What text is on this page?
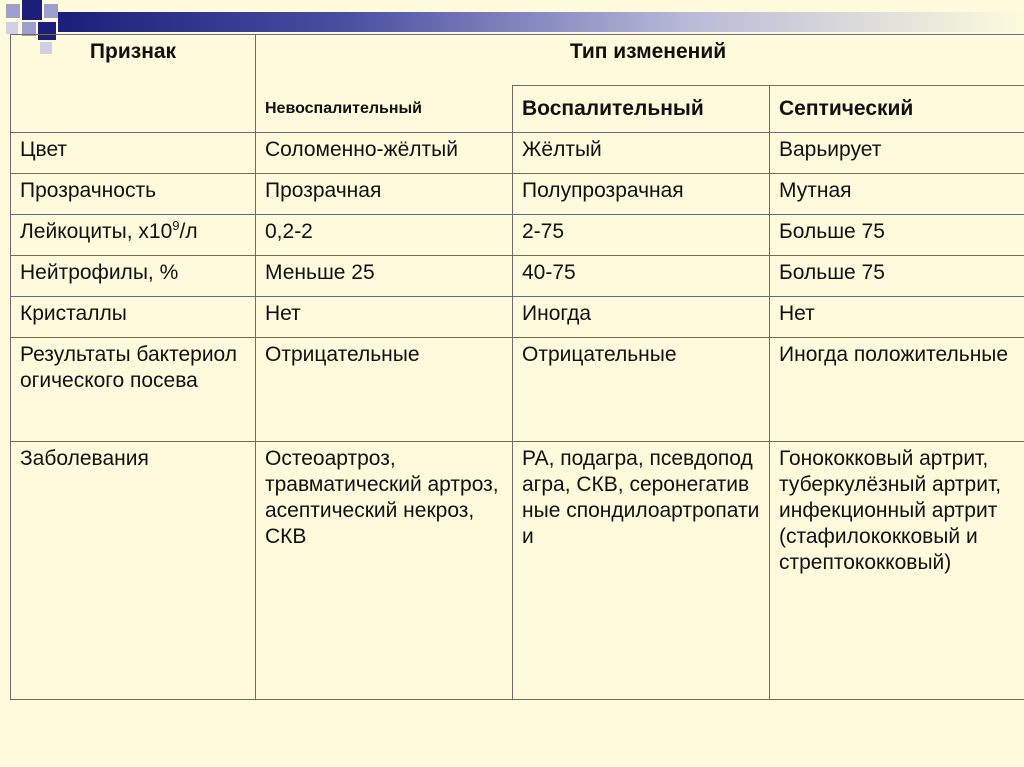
Признак	Тип изменений		
	Невоспалительный	Воспалительный	Септический
Цвет	Соломенно-жёлтый	Жёлтый	Варьирует
Прозрачность	Прозрачная	Полупрозрачная	Мутная
Лейкоциты, $х10^9/л$	0,2-2	2-75	Больше 75
Нейтрофилы, %	Меньше 25	40-75	Больше 75
Кристаллы	Нет	Иногда	Нет
Результаты бактериологического посева	Отрицательные	Отрицательные	Иногда положительные
Заболевания	Остеоартроз, травматический артроз, асептический некроз, СКВ	РА, подагра, псевдоподагра, СКВ, серонегативные спондилоартропатии	Гонококковый артрит, туберкулёзный артрит, инфекционный артрит (стафилококковый и стрептококковый)
